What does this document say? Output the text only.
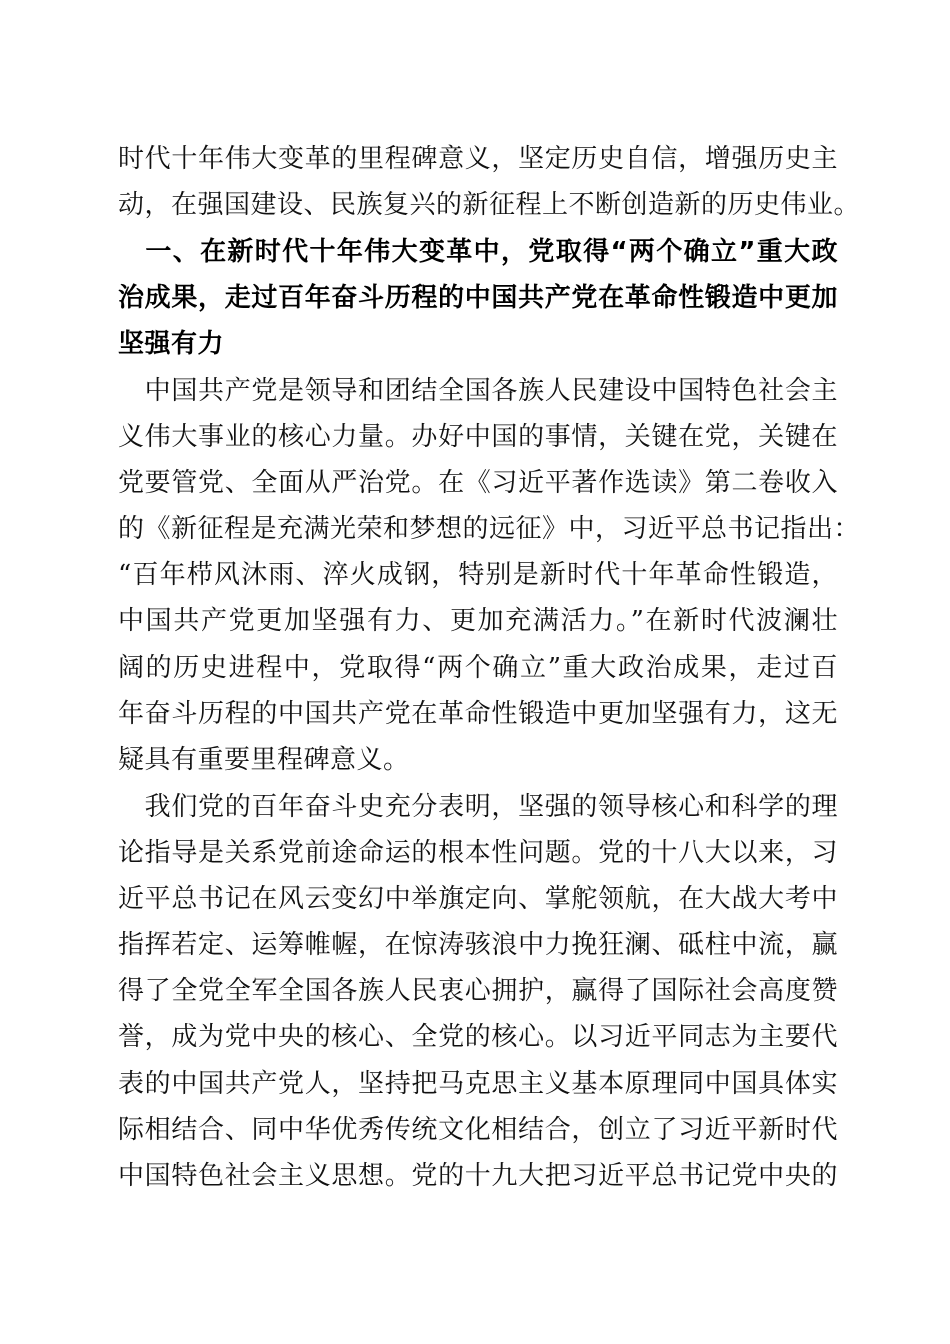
时代十年伟大变革的里程碑意义，坚定历史自信，增强历史主
动，在强国建设、民族复兴的新征程上不断创造新的历史伟业。
　一、在新时代十年伟大变革中，党取得“两个确立”重大政
治成果，走过百年奋斗历程的中国共产党在革命性锻造中更加
坚强有力
　中国共产党是领导和团结全国各族人民建设中国特色社会主
义伟大事业的核心力量。办好中国的事情，关键在党，关键在
党要管党、全面从严治党。在《习近平著作选读》第二卷收入
的《新征程是充满光荣和梦想的远征》中，习近平总书记指出：
“百年栉风沐雨、淬火成钢，特别是新时代十年革命性锻造，
中国共产党更加坚强有力、更加充满活力。”在新时代波澜壮
阔的历史进程中，党取得“两个确立”重大政治成果，走过百
年奋斗历程的中国共产党在革命性锻造中更加坚强有力，这无
疑具有重要里程碑意义。
　我们党的百年奋斗史充分表明，坚强的领导核心和科学的理
论指导是关系党前途命运的根本性问题。党的十八大以来，习
近平总书记在风云变幻中举旗定向、掌舵领航，在大战大考中
指挥若定、运筹帷幄，在惊涛骇浪中力挽狂澜、砥柱中流，赢
得了全党全军全国各族人民衷心拥护，赢得了国际社会高度赞
誉，成为党中央的核心、全党的核心。以习近平同志为主要代
表的中国共产党人，坚持把马克思主义基本原理同中国具体实
际相结合、同中华优秀传统文化相结合，创立了习近平新时代
中国特色社会主义思想。党的十九大把习近平总书记党中央的
